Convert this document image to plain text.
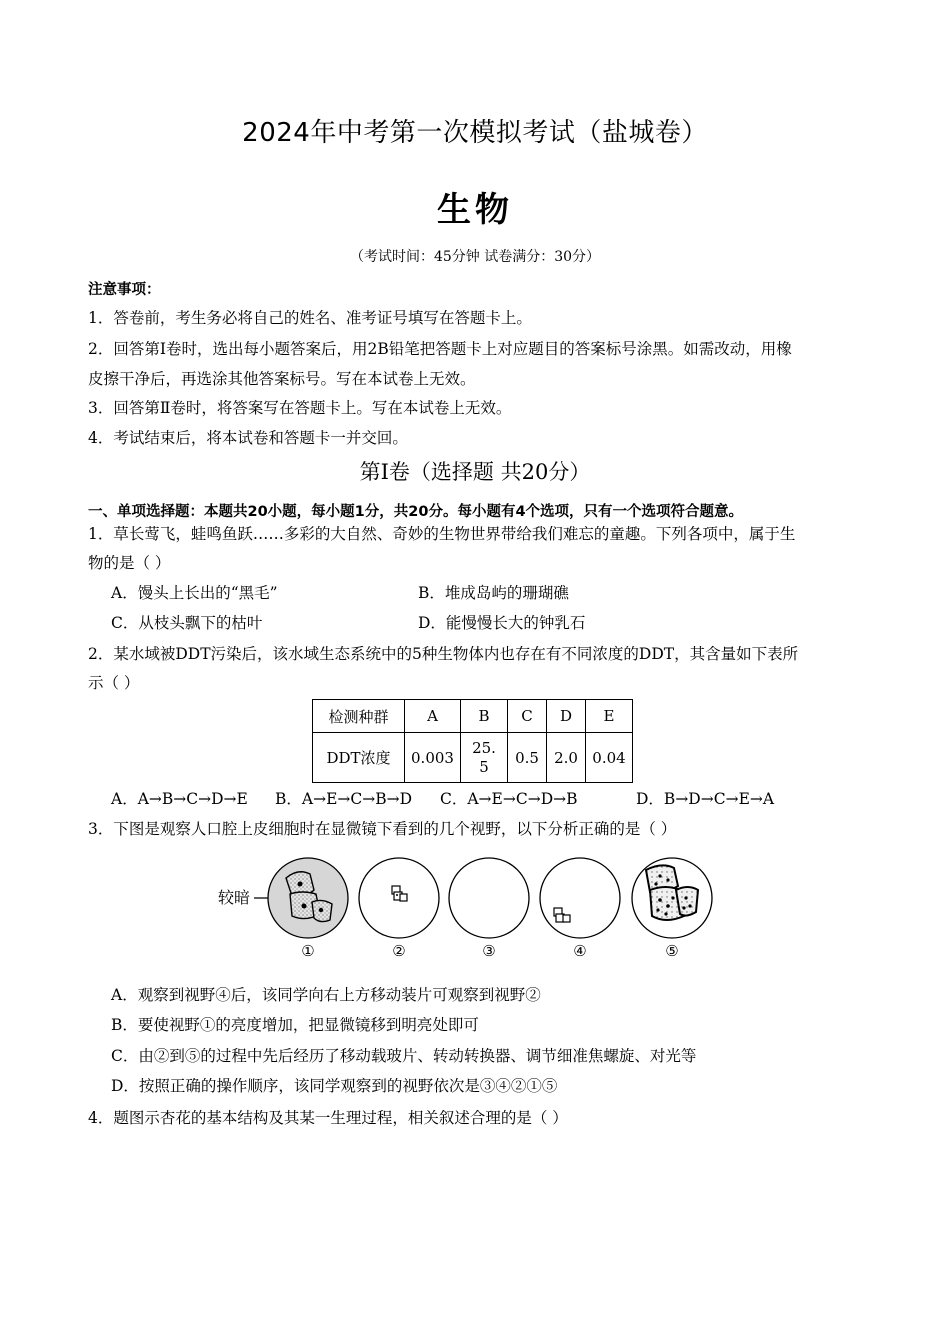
2024年中考第一次模拟考试（盐城卷）
生物
（考试时间：45分钟 试卷满分：30分）
注意事项：
1．答卷前，考生务必将自己的姓名、准考证号填写在答题卡上。
2．回答第Ⅰ卷时，选出每小题答案后，用2B铅笔把答题卡上对应题目的答案标号涂黑。如需改动，用橡
皮擦干净后，再选涂其他答案标号。写在本试卷上无效。
3．回答第Ⅱ卷时，将答案写在答题卡上。写在本试卷上无效。
4．考试结束后，将本试卷和答题卡一并交回。
第Ⅰ卷（选择题 共20分）
一、单项选择题：本题共20小题，每小题1分，共20分。每小题有4个选项，只有一个选项符合题意。
1．草长莺飞，蛙鸣鱼跃……多彩的大自然、奇妙的生物世界带给我们难忘的童趣。下列各项中，属于生
物的是（ ）
A．馒头上长出的“黑毛”	B．堆成岛屿的珊瑚礁
C．从枝头飘下的枯叶	D．能慢慢长大的钟乳石
2．某水域被DDT污染后，该水域生态系统中的5种生物体内也存在有不同浓度的DDT，其含量如下表所
示（ ）
检测种群	A	B	C	D	E
DDT浓度	0.003	25.
5	0.5	2.0	0.04
A．A→B→C→D→E B．A→E→C→B→D C．A→E→C→D→B	D．B→D→C→E→A
3．下图是观察人口腔上皮细胞时在显微镜下看到的几个视野，以下分析正确的是（ ）
较暗
①	②	③	④	⑤
A．观察到视野④后，该同学向右上方移动装片可观察到视野②
B．要使视野①的亮度增加，把显微镜移到明亮处即可
C．由②到⑤的过程中先后经历了移动载玻片、转动转换器、调节细准焦螺旋、对光等
D．按照正确的操作顺序，该同学观察到的视野依次是③④②①⑤
4．题图示杏花的基本结构及其某一生理过程，相关叙述合理的是（ ）
